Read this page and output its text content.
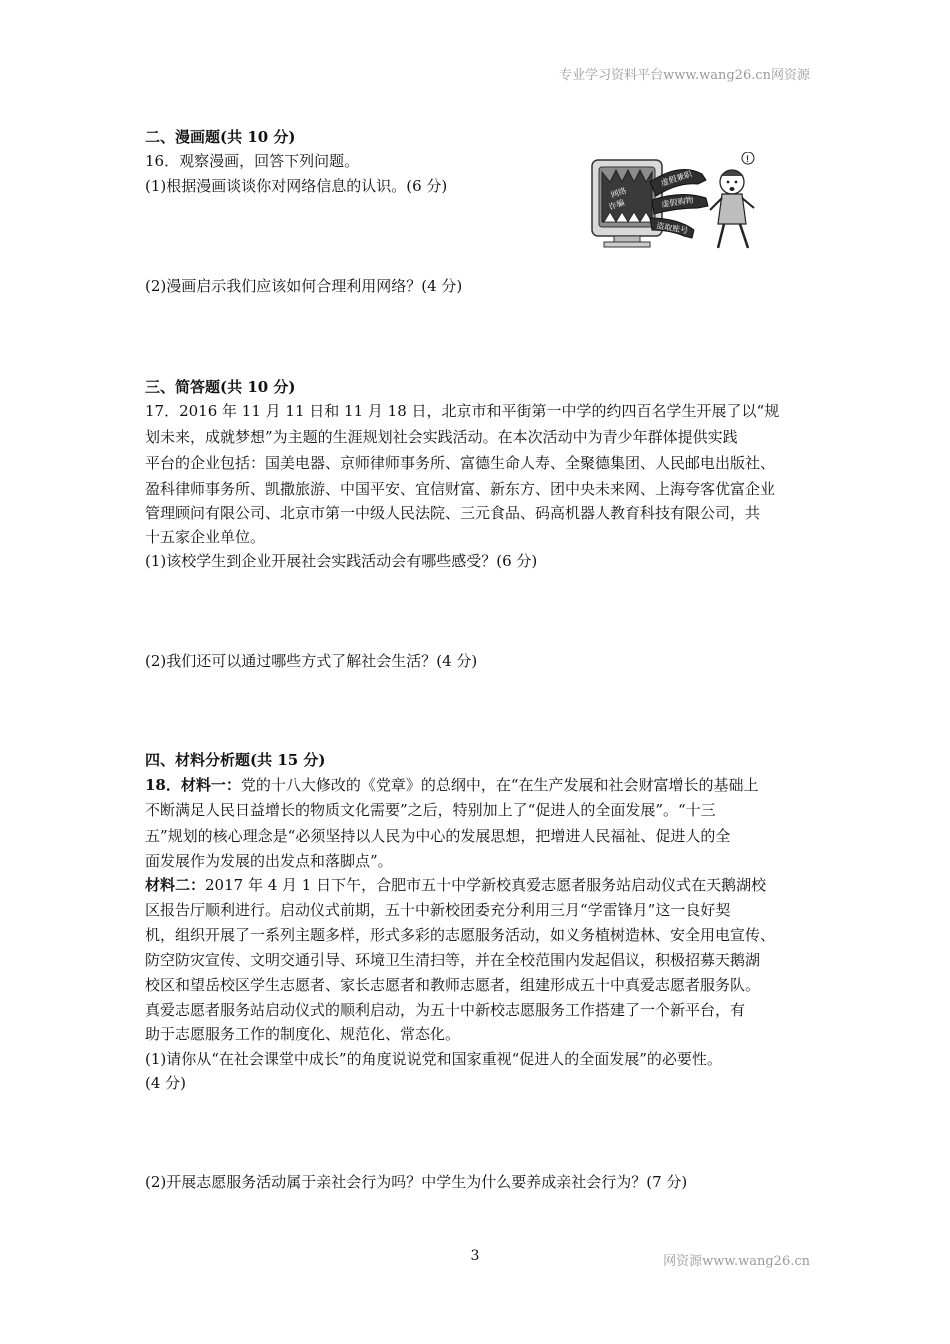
专业学习资料平台www.wang26.cn网资源
二、漫画题(共 10 分)
16．观察漫画，回答下列问题。
(1)根据漫画谈谈你对网络信息的认识。(6 分)	网络
诈骗
虚假兼职
虚假购物
盗取账号
!
(2)漫画启示我们应该如何合理利用网络？(4 分)
三、简答题(共 10 分)
17．2016 年 11 月 11 日和 11 月 18 日，北京市和平街第一中学的约四百名学生开展了以“规
划未来，成就梦想”为主题的生涯规划社会实践活动。在本次活动中为青少年群体提供实践
平台的企业包括：国美电器、京师律师事务所、富德生命人寿、全聚德集团、人民邮电出版社、
盈科律师事务所、凯撒旅游、中国平安、宜信财富、新东方、团中央未来网、上海夸客优富企业
管理顾问有限公司、北京市第一中级人民法院、三元食品、码高机器人教育科技有限公司，共
十五家企业单位。
(1)该校学生到企业开展社会实践活动会有哪些感受？(6 分)
(2)我们还可以通过哪些方式了解社会生活？(4 分)
四、材料分析题(共 15 分)
18．材料一：党的十八大修改的《党章》的总纲中，在“在生产发展和社会财富增长的基础上
不断满足人民日益增长的物质文化需要”之后，特别加上了“促进人的全面发展”。“十三
五”规划的核心理念是“必须坚持以人民为中心的发展思想，把增进人民福祉、促进人的全
面发展作为发展的出发点和落脚点”。
材料二：2017 年 4 月 1 日下午，合肥市五十中学新校真爱志愿者服务站启动仪式在天鹅湖校
区报告厅顺利进行。启动仪式前期，五十中新校团委充分利用三月“学雷锋月”这一良好契
机，组织开展了一系列主题多样，形式多彩的志愿服务活动，如义务植树造林、安全用电宣传、
防空防灾宣传、文明交通引导、环境卫生清扫等，并在全校范围内发起倡议，积极招募天鹅湖
校区和望岳校区学生志愿者、家长志愿者和教师志愿者，组建形成五十中真爱志愿者服务队。
真爱志愿者服务站启动仪式的顺利启动，为五十中新校志愿服务工作搭建了一个新平台，有
助于志愿服务工作的制度化、规范化、常态化。
(1)请你从“在社会课堂中成长”的角度说说党和国家重视“促进人的全面发展”的必要性。
(4 分)
(2)开展志愿服务活动属于亲社会行为吗？中学生为什么要养成亲社会行为？(7 分)
3	网资源www.wang26.cn
